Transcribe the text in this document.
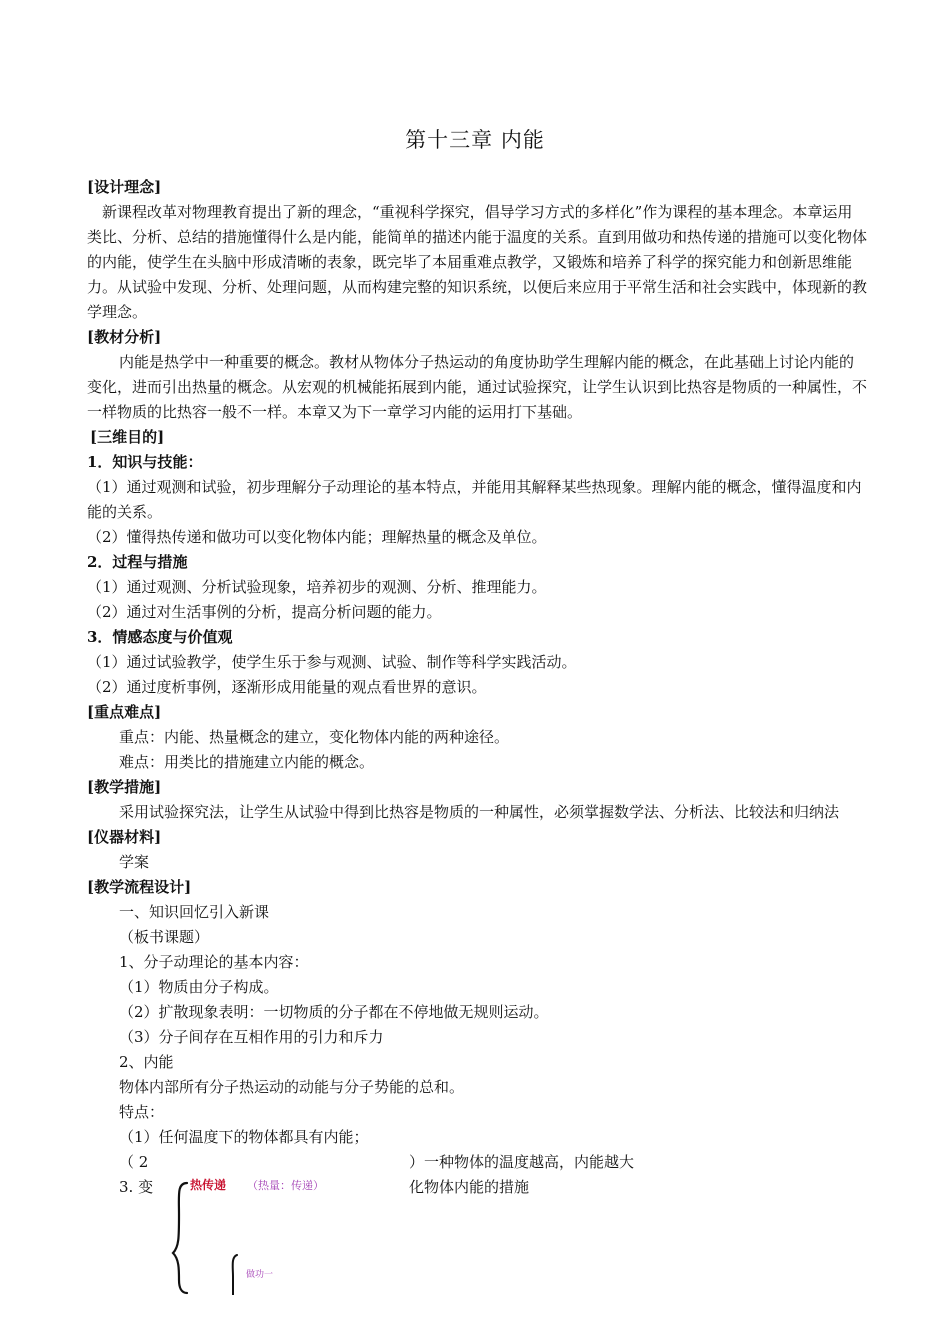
第十三章 内能

[设计理念]

新课程改革对物理教育提出了新的理念，“重视科学探究，倡导学习方式的多样化”作为课程的基本理念。本章运用类比、分析、总结的措施懂得什么是内能，能简单的描述内能于温度的关系。直到用做功和热传递的措施可以变化物体的内能，使学生在头脑中形成清晰的表象，既完毕了本届重难点教学，又锻炼和培养了科学的探究能力和创新思维能力。从试验中发现、分析、处理问题，从而构建完整的知识系统，以便后来应用于平常生活和社会实践中，体现新的教学理念。

[教材分析]

内能是热学中一种重要的概念。教材从物体分子热运动的角度协助学生理解内能的概念，在此基础上讨论内能的变化，进而引出热量的概念。从宏观的机械能拓展到内能，通过试验探究，让学生认识到比热容是物质的一种属性，不一样物质的比热容一般不一样。本章又为下一章学习内能的运用打下基础。

[三维目的]

1．知识与技能：

（1）通过观测和试验，初步理解分子动理论的基本特点，并能用其解释某些热现象。理解内能的概念，懂得温度和内能的关系。

（2）懂得热传递和做功可以变化物体内能；理解热量的概念及单位。

2．过程与措施

（1）通过观测、分析试验现象，培养初步的观测、分析、推理能力。

（2）通过对生活事例的分析，提高分析问题的能力。

3．情感态度与价值观

（1）通过试验教学，使学生乐于参与观测、试验、制作等科学实践活动。

（2）通过度析事例，逐渐形成用能量的观点看世界的意识。

[重点难点]

重点：内能、热量概念的建立，变化物体内能的两种途径。

难点：用类比的措施建立内能的概念。

[教学措施]

采用试验探究法，让学生从试验中得到比热容是物质的一种属性，必须掌握数学法、分析法、比较法和归纳法

[仪器材料]

学案

[教学流程设计]

一、知识回忆引入新课

（板书课题）

1、分子动理论的基本内容：

（1）物质由分子构成。

（2）扩散现象表明：一切物质的分子都在不停地做无规则运动。

（3）分子间存在互相作用的引力和斥力

2、内能

物体内部所有分子热运动的动能与分子势能的总和。

特点：

（1）任何温度下的物体都具有内能；

（ 2	）一种物体的温度越高，内能越大
3. 变	化物体内能的措施
热传递 （热量：传递）
做功一
